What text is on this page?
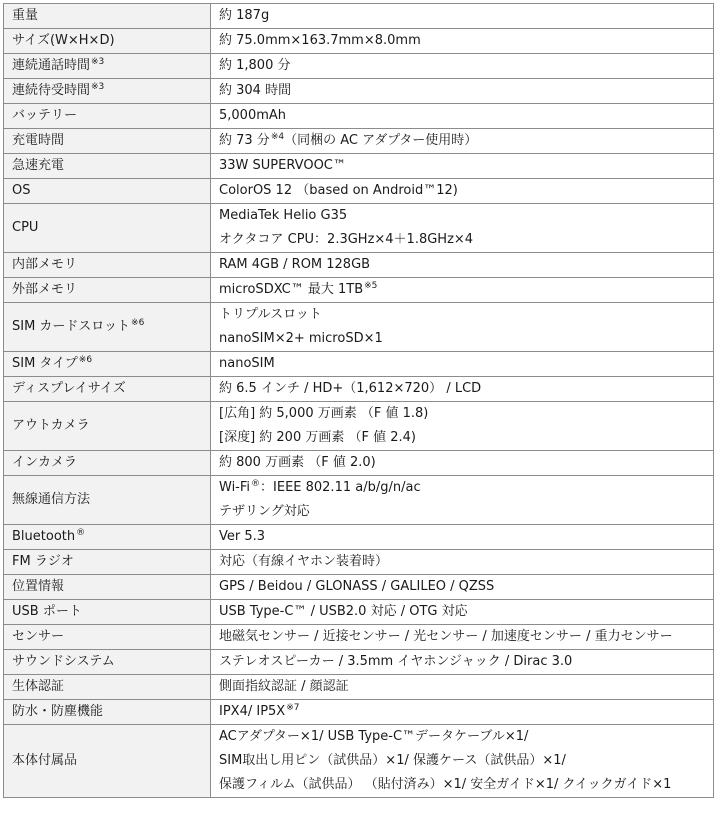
重量	約 187g

サイズ(W×H×D)	約 75.0mm×163.7mm×8.0mm

連続通話時間$^{※3}$	約 1,800 分

連続待受時間$^{※3}$	約 304 時間

バッテリー	5,000mAh

充電時間	約 73 分$^{※4}$（同梱の AC アダプター使用時）

急速充電	33W SUPERVOOC™

OS	ColorOS 12 （based on Android™12)

CPU	MediaTek Helio G35
オクタコア CPU：2.3GHz×4＋1.8GHz×4

内部メモリ	RAM 4GB / ROM 128GB

外部メモリ	microSDXC™ 最大 1TB$^{※5}$

SIM カードスロット$^{※6}$	トリプルスロット
nanoSIM×2+ microSD×1

SIM タイプ$^{※6}$	nanoSIM

ディスプレイサイズ	約 6.5 インチ / HD+（1,612×720） / LCD

アウトカメラ	[広角] 約 5,000 万画素 （F 値 1.8)
[深度] 約 200 万画素 （F 値 2.4)

インカメラ	約 800 万画素 （F 値 2.0)

無線通信方法	Wi-Fi®：IEEE 802.11 a/b/g/n/ac
テザリング対応

Bluetooth®	Ver 5.3

FM ラジオ	対応（有線イヤホン装着時）

位置情報	GPS / Beidou / GLONASS / GALILEO / QZSS

USB ポート	USB Type-C™ / USB2.0 対応 / OTG 対応

センサー	地磁気センサー / 近接センサー / 光センサー / 加速度センサー / 重力センサー

サウンドシステム	ステレオスピーカー / 3.5mm イヤホンジャック / Dirac 3.0

生体認証	側面指紋認証 / 顔認証

防水・防塵機能	IPX4/ $IP5X^{※7}$

本体付属品	ACアダプター×1/ USB Type-C™データケーブル×1/
SIM取出し用ピン（試供品）×1/ 保護ケース（試供品）×1/
保護フィルム（試供品） （貼付済み）×1/ 安全ガイド×1/ クイックガイド×1
